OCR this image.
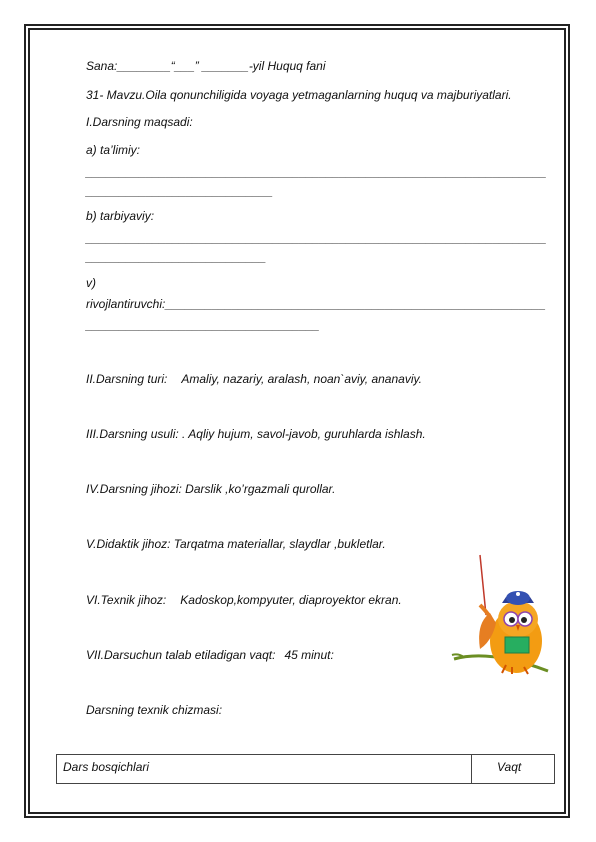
Sana:________“___” _______-yil Huquq fani
31- Mavzu.Oila qonunchiligida voyaga yetmaganlarning huquq va majburiyatlari.
I.Darsning maqsadi:
a) ta’limiy:
_____________________________________________________________________
____________________________
b) tarbiyaviy:
_____________________________________________________________________
___________________________
v)
rivojlantiruvchi:_________________________________________________________
___________________________________
II.Darsning turi: Amaliy, nazariy, aralash, noan`aviy, ananaviy.
III.Darsning usuli: . Aqliy hujum, savol-javob, guruhlarda ishlash.
IV.Darsning jihozi: Darslik ,ko’rgazmali qurollar.
V.Didaktik jihoz: Tarqatma materiallar, slaydlar ,bukletlar.
VI.Texnik jihoz: Kadoskop,kompyuter, diaproyektor ekran.
VII.Darsuchun talab etiladigan vaqt: 45 minut:
Darsning texnik chizmasi:
Dars bosqichlari	Vaqt
